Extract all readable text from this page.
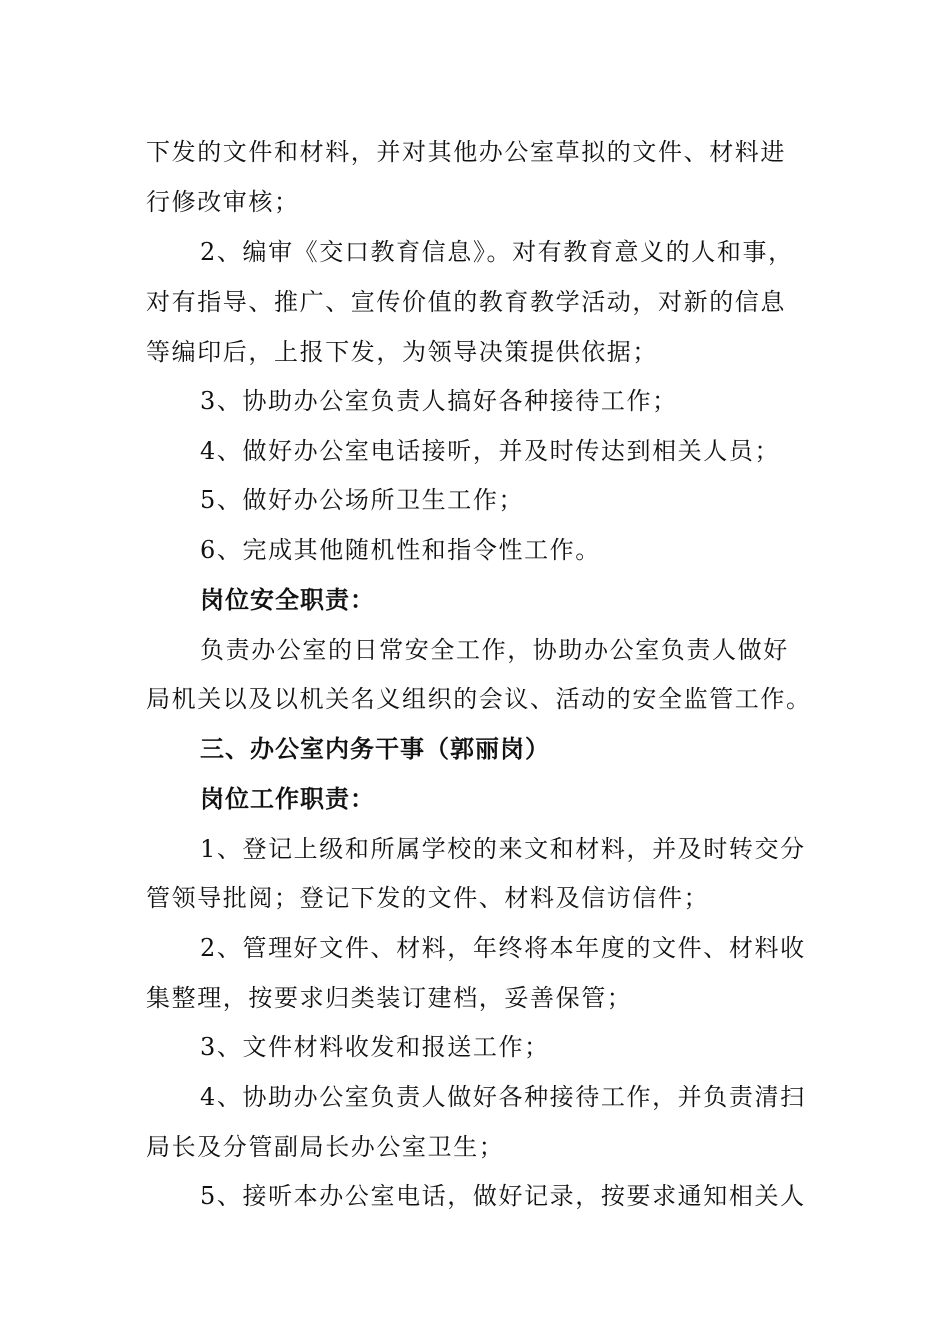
下发的文件和材料，并对其他办公室草拟的文件、材料进
行修改审核；
2、编审《交口教育信息》。对有教育意义的人和事，
对有指导、推广、宣传价值的教育教学活动，对新的信息
等编印后，上报下发，为领导决策提供依据；
3、协助办公室负责人搞好各种接待工作；
4、做好办公室电话接听，并及时传达到相关人员；
5、做好办公场所卫生工作；
6、完成其他随机性和指令性工作。
岗位安全职责：
负责办公室的日常安全工作，协助办公室负责人做好
局机关以及以机关名义组织的会议、活动的安全监管工作。
三、办公室内务干事（郭丽岗）
岗位工作职责：
1、登记上级和所属学校的来文和材料，并及时转交分
管领导批阅；登记下发的文件、材料及信访信件；
2、管理好文件、材料，年终将本年度的文件、材料收
集整理，按要求归类装订建档，妥善保管；
3、文件材料收发和报送工作；
4、协助办公室负责人做好各种接待工作，并负责清扫
局长及分管副局长办公室卫生；
5、接听本办公室电话，做好记录，按要求通知相关人
